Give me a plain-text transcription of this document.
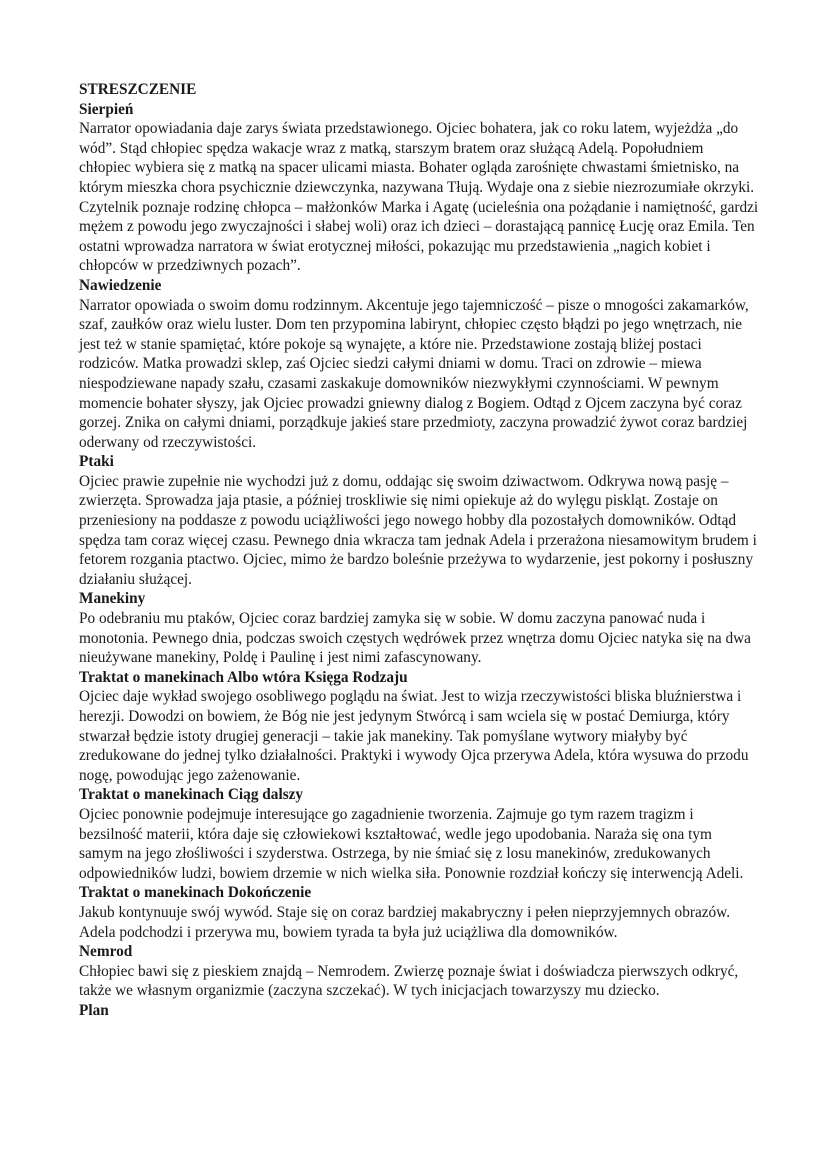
STRESZCZENIE
Sierpień

Narrator opowiadania daje zarys świata przedstawionego. Ojciec bohatera, jak co roku latem, wyjeżdża „do wód”. Stąd chłopiec spędza wakacje wraz z matką, starszym bratem oraz służącą Adelą. Popołudniem chłopiec wybiera się z matką na spacer ulicami miasta. Bohater ogląda zarośnięte chwastami śmietnisko, na którym mieszka chora psychicznie dziewczynka, nazywana Tłują. Wydaje ona z siebie niezrozumiałe okrzyki. Czytelnik poznaje rodzinę chłopca – małżonków Marka i Agatę (ucieleśnia ona pożądanie i namiętność, gardzi mężem z powodu jego zwyczajności i słabej woli) oraz ich dzieci – dorastającą pannicę Łucję oraz Emila. Ten ostatni wprowadza narratora w świat erotycznej miłości, pokazując mu przedstawienia „nagich kobiet i chłopców w przedziwnych pozach”.

Nawiedzenie

Narrator opowiada o swoim domu rodzinnym. Akcentuje jego tajemniczość – pisze o mnogości zakamarków, szaf, zaułków oraz wielu luster. Dom ten przypomina labirynt, chłopiec często błądzi po jego wnętrzach, nie jest też w stanie spamiętać, które pokoje są wynajęte, a które nie. Przedstawione zostają bliżej postaci rodziców. Matka prowadzi sklep, zaś Ojciec siedzi całymi dniami w domu. Traci on zdrowie – miewa niespodziewane napady szału, czasami zaskakuje domowników niezwykłymi czynnościami. W pewnym momencie bohater słyszy, jak Ojciec prowadzi gniewny dialog z Bogiem. Odtąd z Ojcem zaczyna być coraz gorzej. Znika on całymi dniami, porządkuje jakieś stare przedmioty, zaczyna prowadzić żywot coraz bardziej oderwany od rzeczywistości.

Ptaki

Ojciec prawie zupełnie nie wychodzi już z domu, oddając się swoim dziwactwom. Odkrywa nową pasję – zwierzęta. Sprowadza jaja ptasie, a później troskliwie się nimi opiekuje aż do wylęgu piskląt. Zostaje on przeniesiony na poddasze z powodu uciążliwości jego nowego hobby dla pozostałych domowników. Odtąd spędza tam coraz więcej czasu. Pewnego dnia wkracza tam jednak Adela i przerażona niesamowitym brudem i fetorem rozgania ptactwo. Ojciec, mimo że bardzo boleśnie przeżywa to wydarzenie, jest pokorny i posłuszny działaniu służącej.

Manekiny

Po odebraniu mu ptaków, Ojciec coraz bardziej zamyka się w sobie. W domu zaczyna panować nuda i monotonia. Pewnego dnia, podczas swoich częstych wędrówek przez wnętrza domu Ojciec natyka się na dwa nieużywane manekiny, Poldę i Paulinę i jest nimi zafascynowany.

Traktat o manekinach Albo wtóra Księga Rodzaju

Ojciec daje wykład swojego osobliwego poglądu na świat. Jest to wizja rzeczywistości bliska bluźnierstwa i herezji. Dowodzi on bowiem, że Bóg nie jest jedynym Stwórcą i sam wciela się w postać Demiurga, który stwarzał będzie istoty drugiej generacji – takie jak manekiny. Tak pomyślane wytwory miałyby być zredukowane do jednej tylko działalności. Praktyki i wywody Ojca przerywa Adela, która wysuwa do przodu nogę, powodując jego zażenowanie.

Traktat o manekinach Ciąg dalszy

Ojciec ponownie podejmuje interesujące go zagadnienie tworzenia. Zajmuje go tym razem tragizm i bezsilność materii, która daje się człowiekowi kształtować, wedle jego upodobania. Naraża się ona tym samym na jego złośliwości i szyderstwa. Ostrzega, by nie śmiać się z losu manekinów, zredukowanych odpowiedników ludzi, bowiem drzemie w nich wielka siła. Ponownie rozdział kończy się interwencją Adeli.

Traktat o manekinach Dokończenie

Jakub kontynuuje swój wywód. Staje się on coraz bardziej makabryczny i pełen nieprzyjemnych obrazów. Adela podchodzi i przerywa mu, bowiem tyrada ta była już uciążliwa dla domowników.

Nemrod

Chłopiec bawi się z pieskiem znajdą – Nemrodem. Zwierzę poznaje świat i doświadcza pierwszych odkryć, także we własnym organizmie (zaczyna szczekać). W tych inicjacjach towarzyszy mu dziecko.

Plan
